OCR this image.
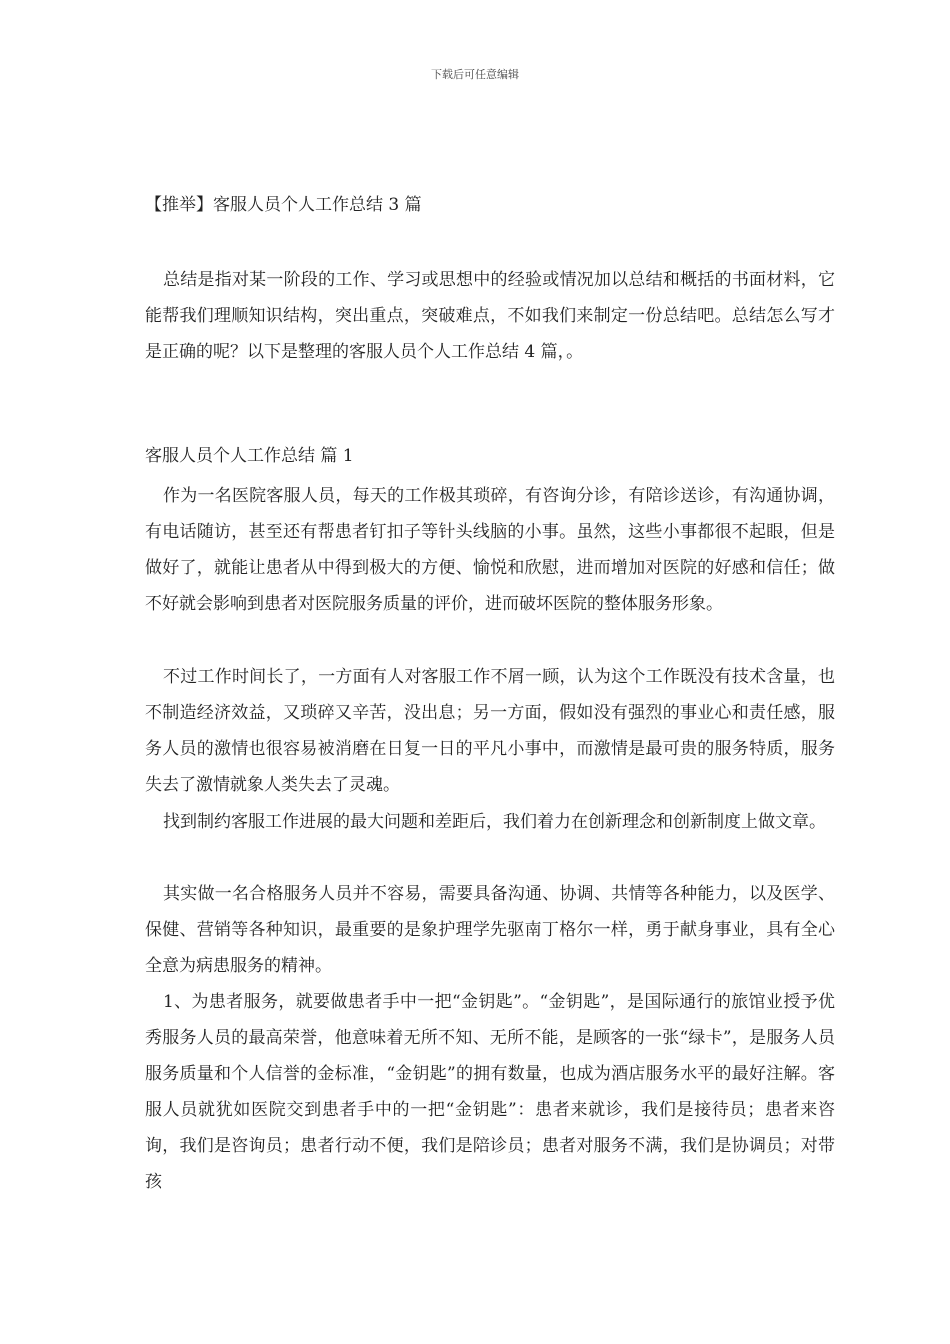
下载后可任意编辑
【推举】客服人员个人工作总结 3 篇

总结是指对某一阶段的工作、学习或思想中的经验或情况加以总结和概括的书面材料，它能帮我们理顺知识结构，突出重点，突破难点，不如我们来制定一份总结吧。总结怎么写才是正确的呢？以下是整理的客服人员个人工作总结 4 篇，。

客服人员个人工作总结 篇 1

作为一名医院客服人员，每天的工作极其琐碎，有咨询分诊，有陪诊送诊，有沟通协调，有电话随访，甚至还有帮患者钉扣子等针头线脑的小事。虽然，这些小事都很不起眼，但是做好了，就能让患者从中得到极大的方便、愉悦和欣慰，进而增加对医院的好感和信任；做不好就会影响到患者对医院服务质量的评价，进而破坏医院的整体服务形象。

不过工作时间长了，一方面有人对客服工作不屑一顾，认为这个工作既没有技术含量，也不制造经济效益，又琐碎又辛苦，没出息；另一方面，假如没有强烈的事业心和责任感，服务人员的激情也很容易被消磨在日复一日的平凡小事中，而激情是最可贵的服务特质，服务失去了激情就象人类失去了灵魂。

找到制约客服工作进展的最大问题和差距后，我们着力在创新理念和创新制度上做文章。

其实做一名合格服务人员并不容易，需要具备沟通、协调、共情等各种能力，以及医学、保健、营销等各种知识，最重要的是象护理学先驱南丁格尔一样，勇于献身事业，具有全心全意为病患服务的精神。

1、为患者服务，就要做患者手中一把“金钥匙”。“金钥匙”，是国际通行的旅馆业授予优秀服务人员的最高荣誉，他意味着无所不知、无所不能，是顾客的一张“绿卡”，是服务人员服务质量和个人信誉的金标准，“金钥匙”的拥有数量，也成为酒店服务水平的最好注解。客服人员就犹如医院交到患者手中的一把“金钥匙”：患者来就诊，我们是接待员；患者来咨询，我们是咨询员；患者行动不便，我们是陪诊员；患者对服务不满，我们是协调员；对带孩
